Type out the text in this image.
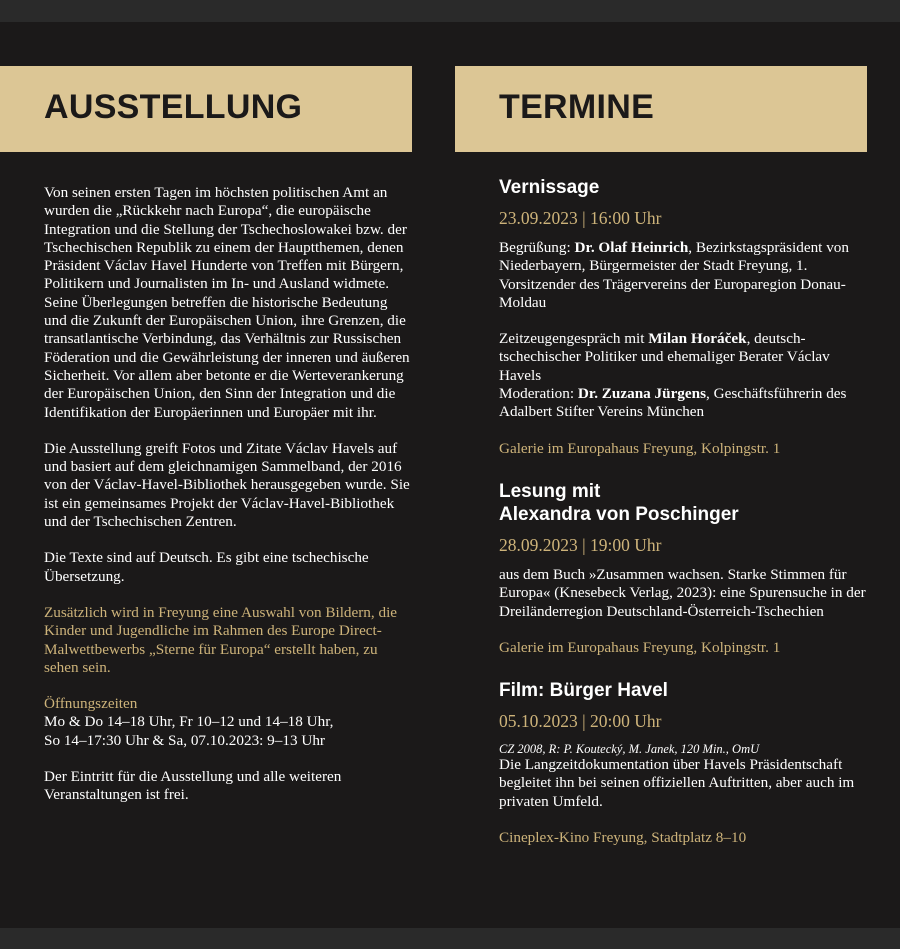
AUSSTELLUNG

Von seinen ersten Tagen im höchsten politischen Amt an wurden die „Rückkehr nach Europa“, die europäische Integration und die Stellung der Tschechoslowakei bzw. der Tschechischen Republik zu einem der Hauptthemen, denen Präsident Václav Havel Hunderte von Treffen mit Bürgern, Politikern und Journalisten im In- und Ausland widmete. Seine Überlegungen betreffen die historische Bedeutung und die Zukunft der Europäischen Union, ihre Grenzen, die transatlantische Verbindung, das Verhältnis zur Russischen Föderation und die Gewährleistung der inneren und äußeren Sicherheit. Vor allem aber betonte er die Werteverankerung der Europäischen Union, den Sinn der Integration und die Identifikation der Europäerinnen und Europäer mit ihr.

Die Ausstellung greift Fotos und Zitate Václav Havels auf und basiert auf dem gleichnamigen Sammelband, der 2016 von der Václav-Havel-Bibliothek herausgegeben wurde. Sie ist ein gemeinsames Projekt der Václav-Havel-Bibliothek und der Tschechischen Zentren.

Die Texte sind auf Deutsch. Es gibt eine tschechische Übersetzung.

Zusätzlich wird in Freyung eine Auswahl von Bildern, die Kinder und Jugendliche im Rahmen des Europe Direct-Malwettbewerbs „Sterne für Europa“ erstellt haben, zu sehen sein.

Öffnungszeiten
Mo & Do 14–18 Uhr, Fr 10–12 und 14–18 Uhr,
So 14–17:30 Uhr & Sa, 07.10.2023: 9–13 Uhr

Der Eintritt für die Ausstellung und alle weiteren Veranstaltungen ist frei.

TERMINE

Vernissage

23.09.2023 | 16:00 Uhr

Begrüßung: Dr. Olaf Heinrich, Bezirkstagspräsident von Niederbayern, Bürgermeister der Stadt Freyung, 1. Vorsitzender des Trägervereins der Europaregion Donau-Moldau

Zeitzeugengespräch mit Milan Horáček, deutsch-tschechischer Politiker und ehemaliger Berater Václav Havels
Moderation: Dr. Zuzana Jürgens, Geschäftsführerin des Adalbert Stifter Vereins München

Galerie im Europahaus Freyung, Kolpingstr. 1

Lesung mit
Alexandra von Poschinger

28.09.2023 | 19:00 Uhr

aus dem Buch »Zusammen wachsen. Starke Stimmen für Europa« (Knesebeck Verlag, 2023): eine Spurensuche in der Dreiländerregion Deutschland-Österreich-Tschechien

Galerie im Europahaus Freyung, Kolpingstr. 1

Film: Bürger Havel

05.10.2023 | 20:00 Uhr

CZ 2008, R: P. Koutecký, M. Janek, 120 Min., OmU

Die Langzeitdokumentation über Havels Präsidentschaft begleitet ihn bei seinen offiziellen Auftritten, aber auch im privaten Umfeld.

Cineplex-Kino Freyung, Stadtplatz 8–10
